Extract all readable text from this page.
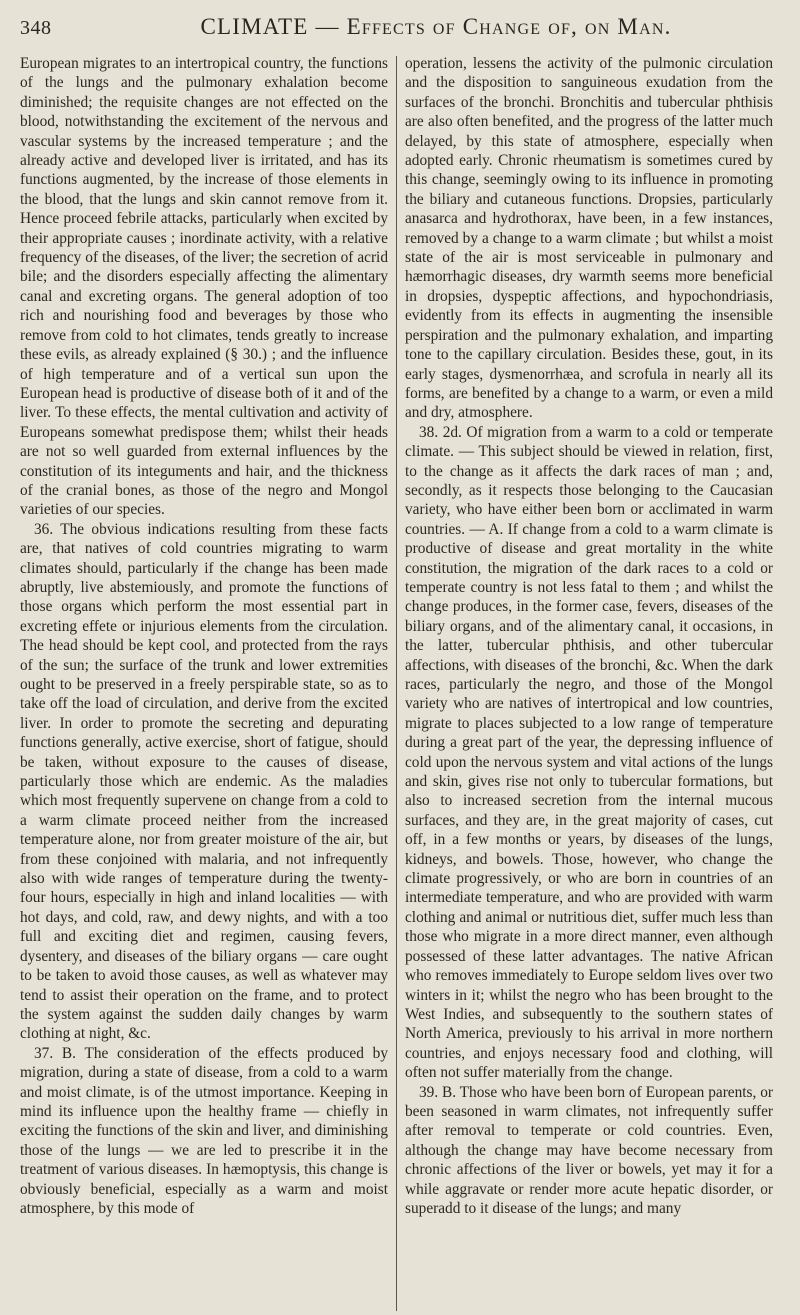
348	CLIMATE — Effects of Change of, on Man.

European migrates to an intertropical country, the functions of the lungs and the pulmonary exhalation become diminished; the requisite changes are not effected on the blood, notwithstanding the excitement of the nervous and vascular systems by the increased temperature ; and the already active and developed liver is irritated, and has its functions augmented, by the increase of those elements in the blood, that the lungs and skin cannot remove from it. Hence proceed febrile attacks, particularly when excited by their appropriate causes ; inordinate activity, with a relative frequency of the diseases, of the liver; the secretion of acrid bile; and the disorders especially affecting the alimentary canal and excreting organs. The general adoption of too rich and nourishing food and beverages by those who remove from cold to hot climates, tends greatly to increase these evils, as already explained (§ 30.) ; and the influence of high temperature and of a vertical sun upon the European head is productive of disease both of it and of the liver. To these effects, the mental cultivation and activity of Europeans somewhat predispose them; whilst their heads are not so well guarded from external influences by the constitution of its integuments and hair, and the thickness of the cranial bones, as those of the negro and Mongol varieties of our species.

36. The obvious indications resulting from these facts are, that natives of cold countries migrating to warm climates should, particularly if the change has been made abruptly, live abstemiously, and promote the functions of those organs which perform the most essential part in excreting effete or injurious elements from the circulation. The head should be kept cool, and protected from the rays of the sun; the surface of the trunk and lower extremities ought to be preserved in a freely perspirable state, so as to take off the load of circulation, and derive from the excited liver. In order to promote the secreting and depurating functions generally, active exercise, short of fatigue, should be taken, without exposure to the causes of disease, particularly those which are endemic. As the maladies which most frequently supervene on change from a cold to a warm climate proceed neither from the increased temperature alone, nor from greater moisture of the air, but from these conjoined with malaria, and not infrequently also with wide ranges of temperature during the twenty-four hours, especially in high and inland localities — with hot days, and cold, raw, and dewy nights, and with a too full and exciting diet and regimen, causing fevers, dysentery, and diseases of the biliary organs — care ought to be taken to avoid those causes, as well as whatever may tend to assist their operation on the frame, and to protect the system against the sudden daily changes by warm clothing at night, &c.

37. B. The consideration of the effects produced by migration, during a state of disease, from a cold to a warm and moist climate, is of the utmost importance. Keeping in mind its influence upon the healthy frame — chiefly in exciting the functions of the skin and liver, and diminishing those of the lungs — we are led to prescribe it in the treatment of various diseases. In hæmoptysis, this change is obviously beneficial, especially as a warm and moist atmosphere, by this mode of

operation, lessens the activity of the pulmonic circulation and the disposition to sanguineous exudation from the surfaces of the bronchi. Bronchitis and tubercular phthisis are also often benefited, and the progress of the latter much delayed, by this state of atmosphere, especially when adopted early. Chronic rheumatism is sometimes cured by this change, seemingly owing to its influence in promoting the biliary and cutaneous functions. Dropsies, particularly anasarca and hydrothorax, have been, in a few instances, removed by a change to a warm climate ; but whilst a moist state of the air is most serviceable in pulmonary and hæmorrhagic diseases, dry warmth seems more beneficial in dropsies, dyspeptic affections, and hypochondriasis, evidently from its effects in augmenting the insensible perspiration and the pulmonary exhalation, and imparting tone to the capillary circulation. Besides these, gout, in its early stages, dysmenorrhæa, and scrofula in nearly all its forms, are benefited by a change to a warm, or even a mild and dry, atmosphere.

38. 2d. Of migration from a warm to a cold or temperate climate. — This subject should be viewed in relation, first, to the change as it affects the dark races of man ; and, secondly, as it respects those belonging to the Caucasian variety, who have either been born or acclimated in warm countries. — A. If change from a cold to a warm climate is productive of disease and great mortality in the white constitution, the migration of the dark races to a cold or temperate country is not less fatal to them ; and whilst the change produces, in the former case, fevers, diseases of the biliary organs, and of the alimentary canal, it occasions, in the latter, tubercular phthisis, and other tubercular affections, with diseases of the bronchi, &c. When the dark races, particularly the negro, and those of the Mongol variety who are natives of intertropical and low countries, migrate to places subjected to a low range of temperature during a great part of the year, the depressing influence of cold upon the nervous system and vital actions of the lungs and skin, gives rise not only to tubercular formations, but also to increased secretion from the internal mucous surfaces, and they are, in the great majority of cases, cut off, in a few months or years, by diseases of the lungs, kidneys, and bowels. Those, however, who change the climate progressively, or who are born in countries of an intermediate temperature, and who are provided with warm clothing and animal or nutritious diet, suffer much less than those who migrate in a more direct manner, even although possessed of these latter advantages. The native African who removes immediately to Europe seldom lives over two winters in it; whilst the negro who has been brought to the West Indies, and subsequently to the southern states of North America, previously to his arrival in more northern countries, and enjoys necessary food and clothing, will often not suffer materially from the change.

39. B. Those who have been born of European parents, or been seasoned in warm climates, not infrequently suffer after removal to temperate or cold countries. Even, although the change may have become necessary from chronic affections of the liver or bowels, yet may it for a while aggravate or render more acute hepatic disorder, or superadd to it disease of the lungs; and many
